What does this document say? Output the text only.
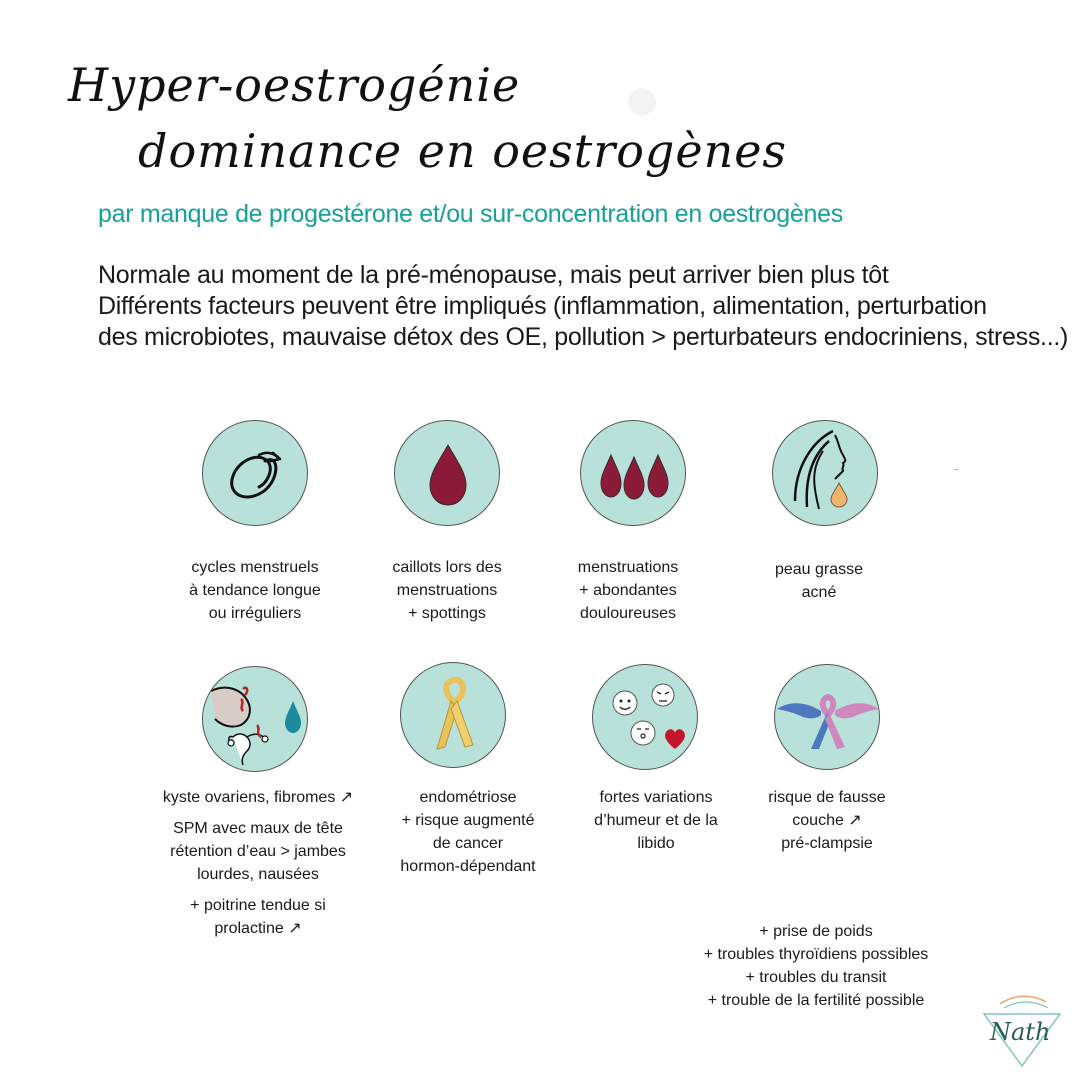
Hyper-oestrogénie
dominance en oestrogènes
par manque de progestérone et/ou sur-concentration en oestrogènes
Normale au moment de la pré-ménopause, mais peut arriver bien plus tôt
Différents facteurs peuvent être impliqués (inflammation, alimentation, perturbation
des microbiotes, mauvaise détox des OE, pollution > perturbateurs endocriniens, stress...)
cycles menstruels
à tendance longue
ou irréguliers
caillots lors des
menstruations
+ spottings
menstruations
+ abondantes
douloureuses
peau grasse
acné
kyste ovariens, fibromes ↗
SPM avec maux de tête
rétention d’eau > jambes
lourdes, nausées
+ poitrine tendue si
prolactine ↗
endométriose
+ risque augmenté
de cancer
hormon-dépendant
fortes variations
d’humeur et de la
libido
risque de fausse
couche ↗
pré-clampsie
+ prise de poids
+ troubles thyroïdiens possibles
+ troubles du transit
+ trouble de la fertilité possible
Nath
